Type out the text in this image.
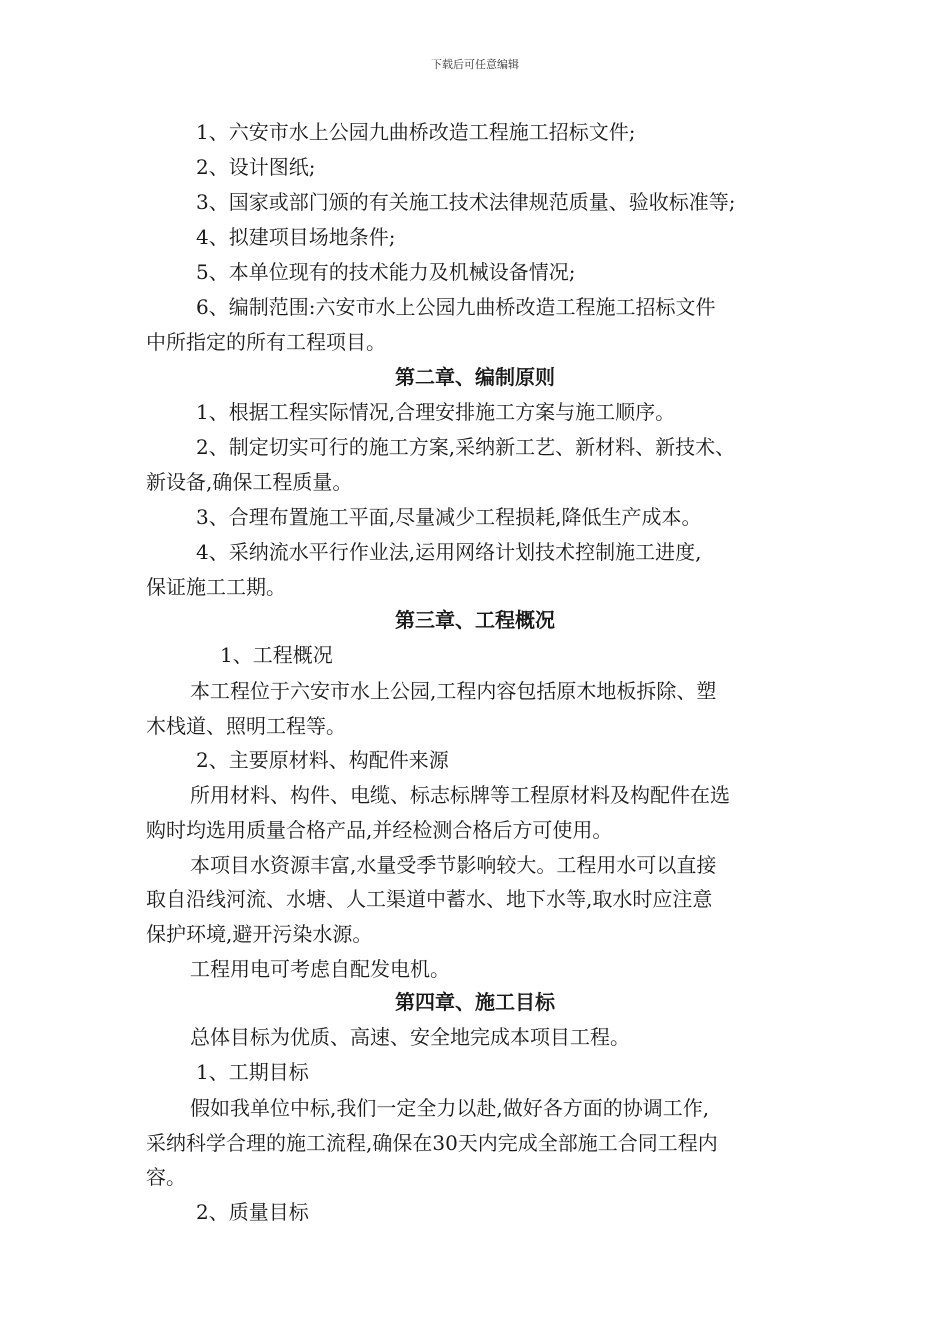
下载后可任意编辑
1、六安市水上公园九曲桥改造工程施工招标文件;
2、设计图纸;
3、国家或部门颁的有关施工技术法律规范质量、验收标准等;
4、拟建项目场地条件;
5、本单位现有的技术能力及机械设备情况;
6、编制范围:六安市水上公园九曲桥改造工程施工招标文件
中所指定的所有工程项目。
第二章、编制原则
1、根据工程实际情况,合理安排施工方案与施工顺序。
2、制定切实可行的施工方案,采纳新工艺、新材料、新技术、
新设备,确保工程质量。
3、合理布置施工平面,尽量减少工程损耗,降低生产成本。
4、采纳流水平行作业法,运用网络计划技术控制施工进度,
保证施工工期。
第三章、工程概况
1、工程概况
本工程位于六安市水上公园,工程内容包括原木地板拆除、塑
木栈道、照明工程等。
2、主要原材料、构配件来源
所用材料、构件、电缆、标志标牌等工程原材料及构配件在选
购时均选用质量合格产品,并经检测合格后方可使用。
本项目水资源丰富,水量受季节影响较大。工程用水可以直接
取自沿线河流、水塘、人工渠道中蓄水、地下水等,取水时应注意
保护环境,避开污染水源。
工程用电可考虑自配发电机。
第四章、施工目标
总体目标为优质、高速、安全地完成本项目工程。
1、工期目标
假如我单位中标,我们一定全力以赴,做好各方面的协调工作,
采纳科学合理的施工流程,确保在30天内完成全部施工合同工程内
容。
2、质量目标
